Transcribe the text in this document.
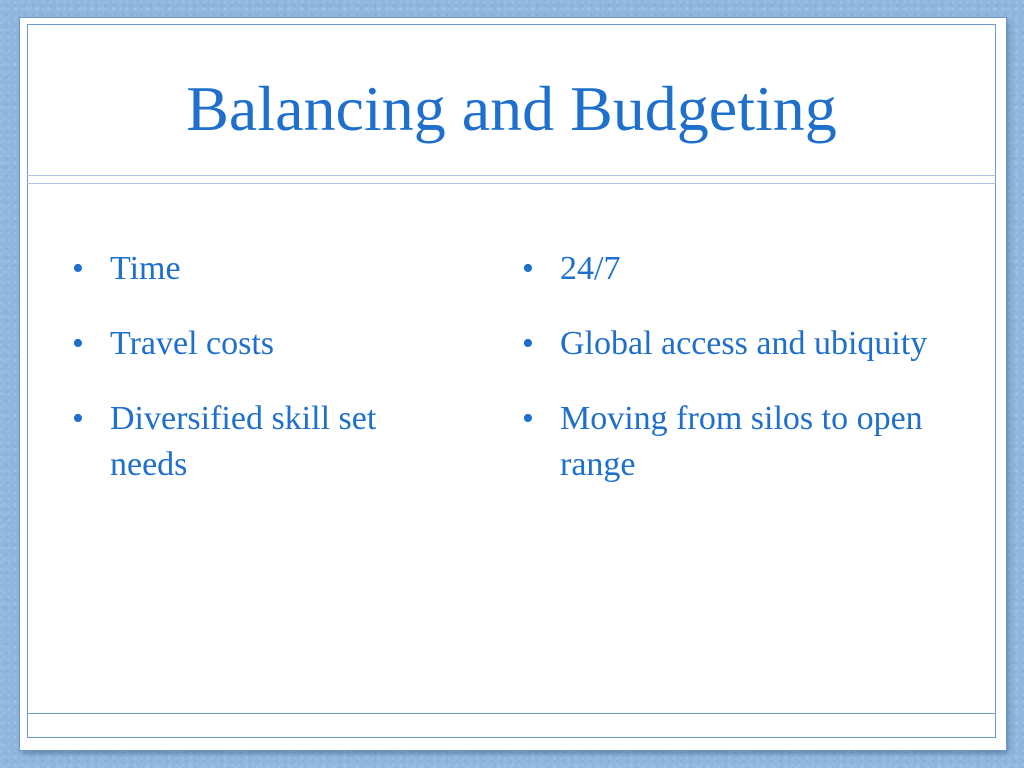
Balancing and Budgeting
• Time
• Travel costs
• Diversified skill set needs
• 24/7
• Global access and ubiquity
• Moving from silos to open range
